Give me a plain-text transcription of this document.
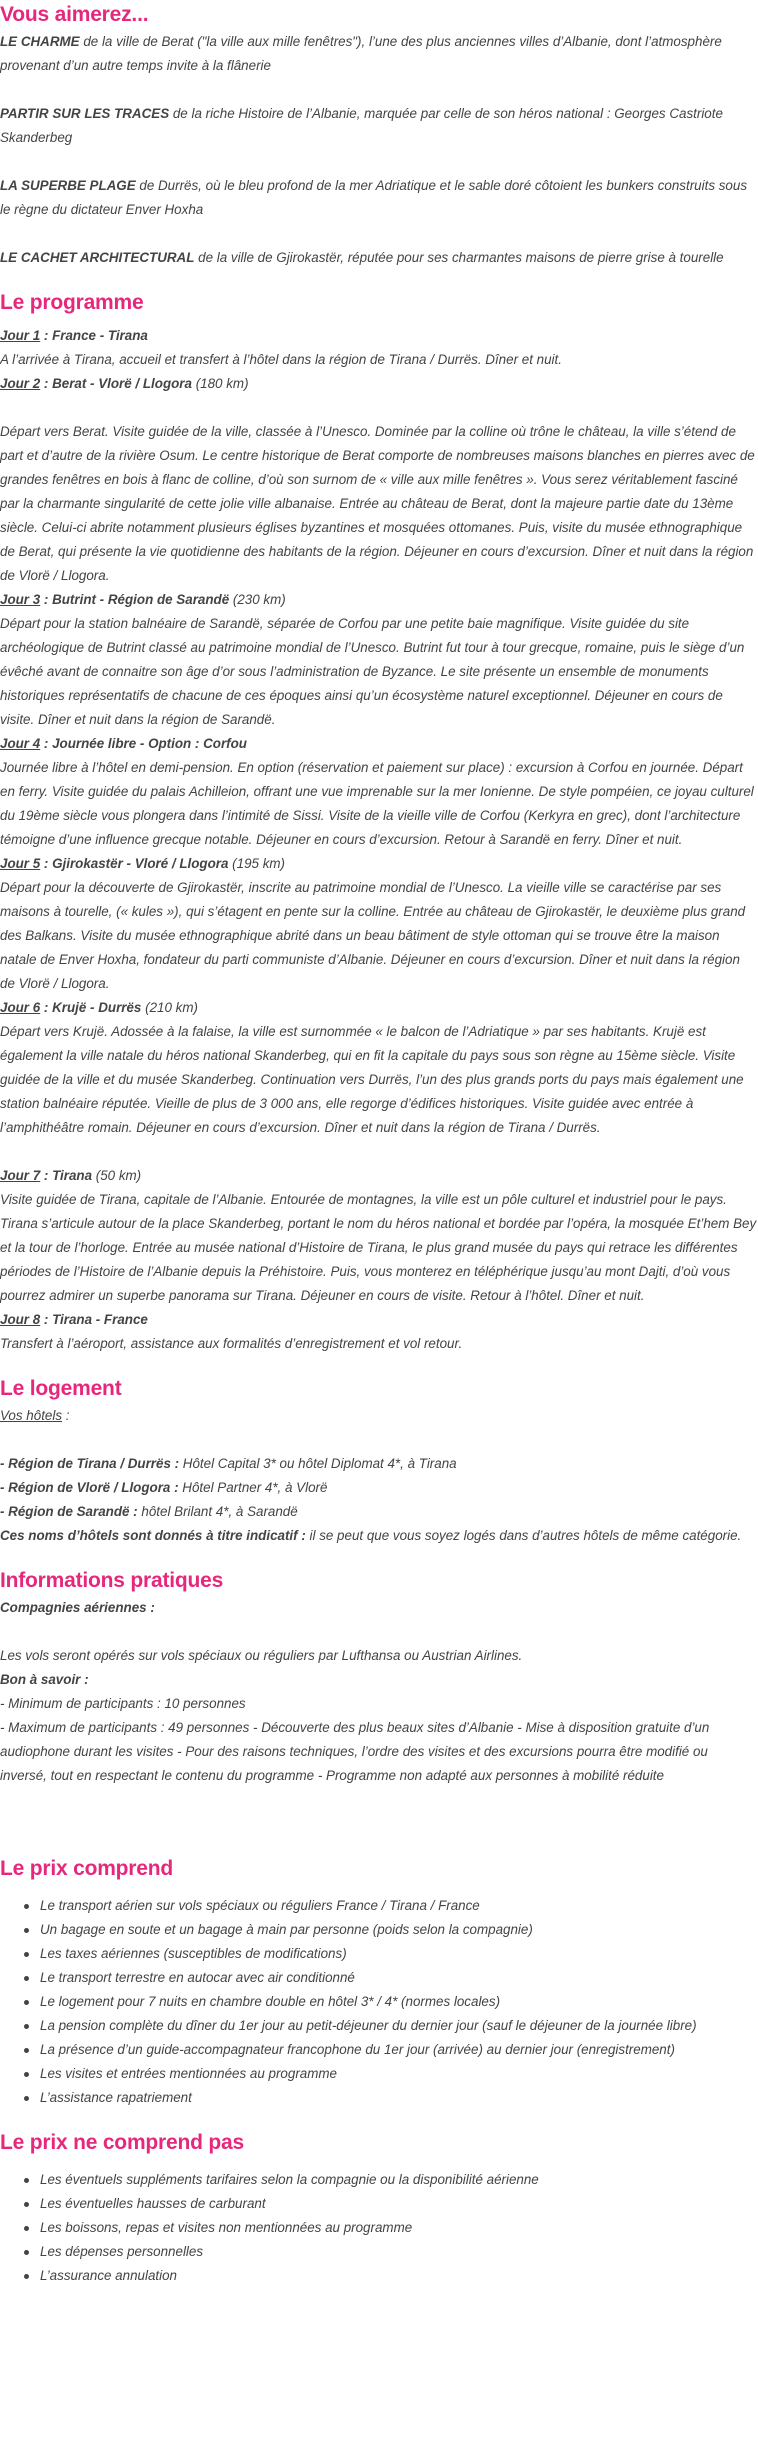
Vous aimerez...

LE CHARME de la ville de Berat ("la ville aux mille fenêtres"), l’une des plus anciennes villes d’Albanie, dont l’atmosphère provenant d’un autre temps invite à la flânerie

PARTIR SUR LES TRACES de la riche Histoire de l’Albanie, marquée par celle de son héros national : Georges Castriote Skanderbeg

LA SUPERBE PLAGE de Durrës, où le bleu profond de la mer Adriatique et le sable doré côtoient les bunkers construits sous le règne du dictateur Enver Hoxha

LE CACHET ARCHITECTURAL de la ville de Gjirokastër, réputée pour ses charmantes maisons de pierre grise à tourelle

Le programme

Jour 1 : France - Tirana

A l’arrivée à Tirana, accueil et transfert à l’hôtel dans la région de Tirana / Durrës. Dîner et nuit.

Jour 2 : Berat - Vlorë / Llogora (180 km)

Départ vers Berat. Visite guidée de la ville, classée à l’Unesco. Dominée par la colline où trône le château, la ville s’étend de part et d’autre de la rivière Osum. Le centre historique de Berat comporte de nombreuses maisons blanches en pierres avec de grandes fenêtres en bois à flanc de colline, d’où son surnom de « ville aux mille fenêtres ». Vous serez véritablement fasciné par la charmante singularité de cette jolie ville albanaise. Entrée au château de Berat, dont la majeure partie date du 13ème siècle. Celui-ci abrite notamment plusieurs églises byzantines et mosquées ottomanes. Puis, visite du musée ethnographique de Berat, qui présente la vie quotidienne des habitants de la région. Déjeuner en cours d’excursion. Dîner et nuit dans la région de Vlorë / Llogora.

Jour 3 : Butrint - Région de Sarandë (230 km)

Départ pour la station balnéaire de Sarandë, séparée de Corfou par une petite baie magnifique. Visite guidée du site archéologique de Butrint classé au patrimoine mondial de l’Unesco. Butrint fut tour à tour grecque, romaine, puis le siège d’un évêché avant de connaitre son âge d’or sous l’administration de Byzance. Le site présente un ensemble de monuments historiques représentatifs de chacune de ces époques ainsi qu’un écosystème naturel exceptionnel. Déjeuner en cours de visite. Dîner et nuit dans la région de Sarandë.

Jour 4 : Journée libre - Option : Corfou

Journée libre à l’hôtel en demi-pension. En option (réservation et paiement sur place) : excursion à Corfou en journée. Départ en ferry. Visite guidée du palais Achilleion, offrant une vue imprenable sur la mer Ionienne. De style pompéien, ce joyau culturel du 19ème siècle vous plongera dans l’intimité de Sissi. Visite de la vieille ville de Corfou (Kerkyra en grec), dont l’architecture témoigne d’une influence grecque notable. Déjeuner en cours d’excursion. Retour à Sarandë en ferry. Dîner et nuit.

Jour 5 : Gjirokastër - Vloré / Llogora (195 km)

Départ pour la découverte de Gjirokastër, inscrite au patrimoine mondial de l’Unesco. La vieille ville se caractérise par ses maisons à tourelle, (« kules »), qui s’étagent en pente sur la colline. Entrée au château de Gjirokastër, le deuxième plus grand des Balkans. Visite du musée ethnographique abrité dans un beau bâtiment de style ottoman qui se trouve être la maison natale de Enver Hoxha, fondateur du parti communiste d’Albanie. Déjeuner en cours d’excursion. Dîner et nuit dans la région de Vlorë / Llogora.

Jour 6 : Krujë - Durrës (210 km)

Départ vers Krujë. Adossée à la falaise, la ville est surnommée « le balcon de l’Adriatique » par ses habitants. Krujë est également la ville natale du héros national Skanderbeg, qui en fit la capitale du pays sous son règne au 15ème siècle. Visite guidée de la ville et du musée Skanderbeg. Continuation vers Durrës, l’un des plus grands ports du pays mais également une station balnéaire réputée. Vieille de plus de 3 000 ans, elle regorge d’édifices historiques. Visite guidée avec entrée à l’amphithéâtre romain. Déjeuner en cours d’excursion. Dîner et nuit dans la région de Tirana / Durrës.

Jour 7 : Tirana (50 km)

Visite guidée de Tirana, capitale de l’Albanie. Entourée de montagnes, la ville est un pôle culturel et industriel pour le pays. Tirana s’articule autour de la place Skanderbeg, portant le nom du héros national et bordée par l’opéra, la mosquée Et’hem Bey et la tour de l’horloge. Entrée au musée national d’Histoire de Tirana, le plus grand musée du pays qui retrace les différentes périodes de l’Histoire de l’Albanie depuis la Préhistoire. Puis, vous monterez en téléphérique jusqu’au mont Dajti, d’où vous pourrez admirer un superbe panorama sur Tirana. Déjeuner en cours de visite. Retour à l’hôtel. Dîner et nuit.

Jour 8 : Tirana - France

Transfert à l’aéroport, assistance aux formalités d’enregistrement et vol retour.

Le logement

Vos hôtels :

- Région de Tirana / Durrës : Hôtel Capital 3* ou hôtel Diplomat 4*, à Tirana

- Région de Vlorë / Llogora : Hôtel Partner 4*, à Vlorë

- Région de Sarandë : hôtel Brilant 4*, à Sarandë

Ces noms d’hôtels sont donnés à titre indicatif : il se peut que vous soyez logés dans d’autres hôtels de même catégorie.

Informations pratiques

Compagnies aériennes :

Les vols seront opérés sur vols spéciaux ou réguliers par Lufthansa ou Austrian Airlines.

Bon à savoir :

- Minimum de participants : 10 personnes

- Maximum de participants : 49 personnes - Découverte des plus beaux sites d’Albanie - Mise à disposition gratuite d’un audiophone durant les visites - Pour des raisons techniques, l’ordre des visites et des excursions pourra être modifié ou inversé, tout en respectant le contenu du programme - Programme non adapté aux personnes à mobilité réduite

Le prix comprend
Le transport aérien sur vols spéciaux ou réguliers France / Tirana / France
Un bagage en soute et un bagage à main par personne (poids selon la compagnie)
Les taxes aériennes (susceptibles de modifications)
Le transport terrestre en autocar avec air conditionné
Le logement pour 7 nuits en chambre double en hôtel 3* / 4* (normes locales)
La pension complète du dîner du 1er jour au petit-déjeuner du dernier jour (sauf le déjeuner de la journée libre)
La présence d’un guide-accompagnateur francophone du 1er jour (arrivée) au dernier jour (enregistrement)
Les visites et entrées mentionnées au programme
L’assistance rapatriement
Le prix ne comprend pas
Les éventuels suppléments tarifaires selon la compagnie ou la disponibilité aérienne
Les éventuelles hausses de carburant
Les boissons, repas et visites non mentionnées au programme
Les dépenses personnelles
L’assurance annulation
